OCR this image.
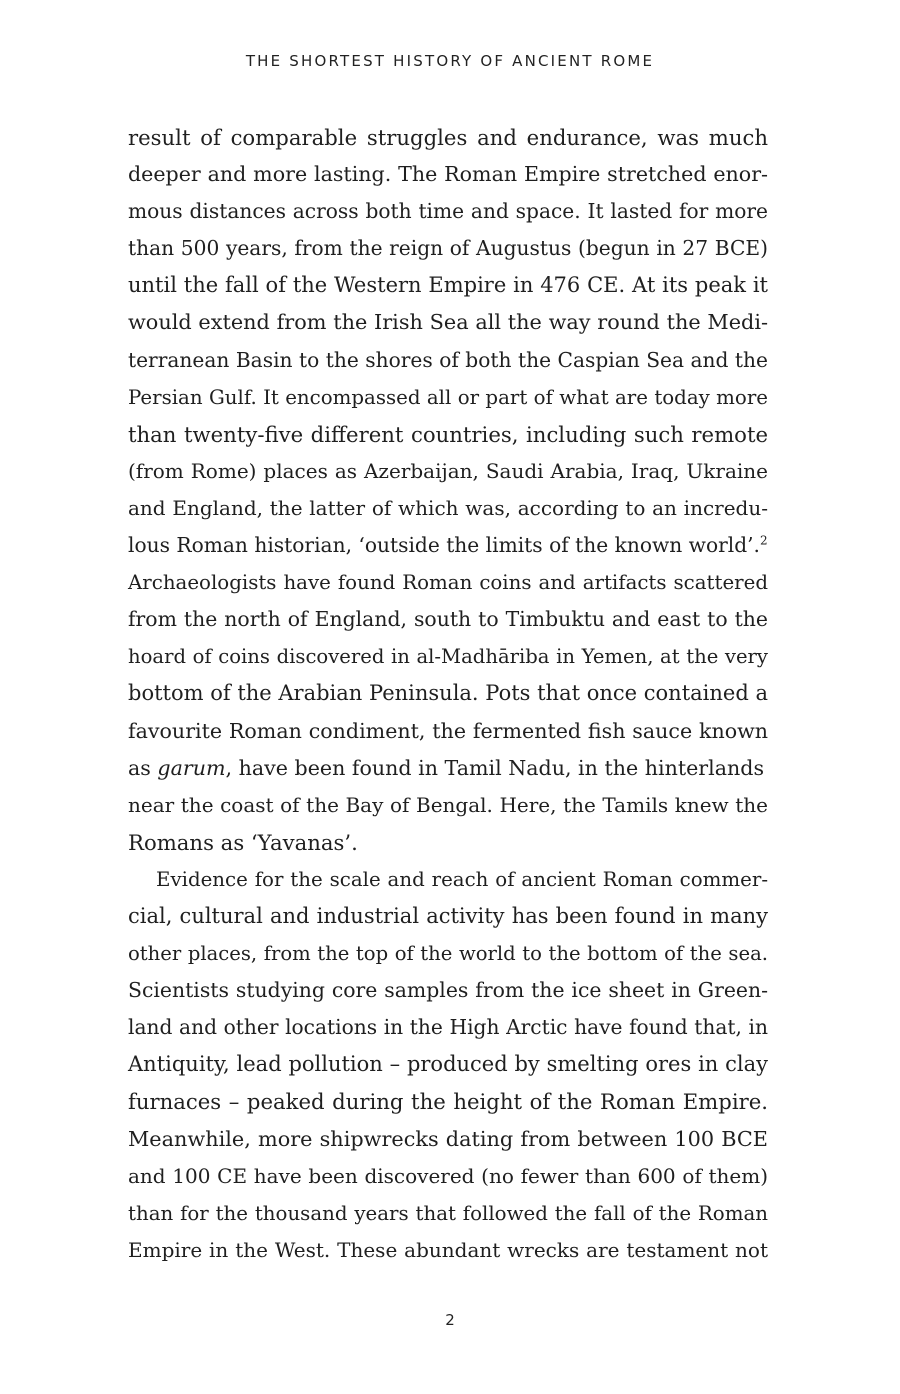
THE SHORTEST HISTORY OF ANCIENT ROME
result of comparable struggles and endurance, was much
deeper and more lasting. The Roman Empire stretched enor-
mous distances across both time and space. It lasted for more
than 500 years, from the reign of Augustus (begun in 27 BCE)
until the fall of the Western Empire in 476 CE. At its peak it
would extend from the Irish Sea all the way round the Medi-
terranean Basin to the shores of both the Caspian Sea and the
Persian Gulf. It encompassed all or part of what are today more
than twenty-five different countries, including such remote
(from Rome) places as Azerbaijan, Saudi Arabia, Iraq, Ukraine
and England, the latter of which was, according to an incredu-
lous Roman historian, ‘outside the limits of the known world’.$^2$
Archaeologists have found Roman coins and artifacts scattered
from the north of England, south to Timbuktu and east to the
hoard of coins discovered in al-Madhāriba in Yemen, at the very
bottom of the Arabian Peninsula. Pots that once contained a
favourite Roman condiment, the fermented fish sauce known
as garum, have been found in Tamil Nadu, in the hinterlands
near the coast of the Bay of Bengal. Here, the Tamils knew the
Romans as ‘Yavanas’.
Evidence for the scale and reach of ancient Roman commer-
cial, cultural and industrial activity has been found in many
other places, from the top of the world to the bottom of the sea.
Scientists studying core samples from the ice sheet in Green-
land and other locations in the High Arctic have found that, in
Antiquity, lead pollution – produced by smelting ores in clay
furnaces – peaked during the height of the Roman Empire.
Meanwhile, more shipwrecks dating from between 100 BCE
and 100 CE have been discovered (no fewer than 600 of them)
than for the thousand years that followed the fall of the Roman
Empire in the West. These abundant wrecks are testament not
2
